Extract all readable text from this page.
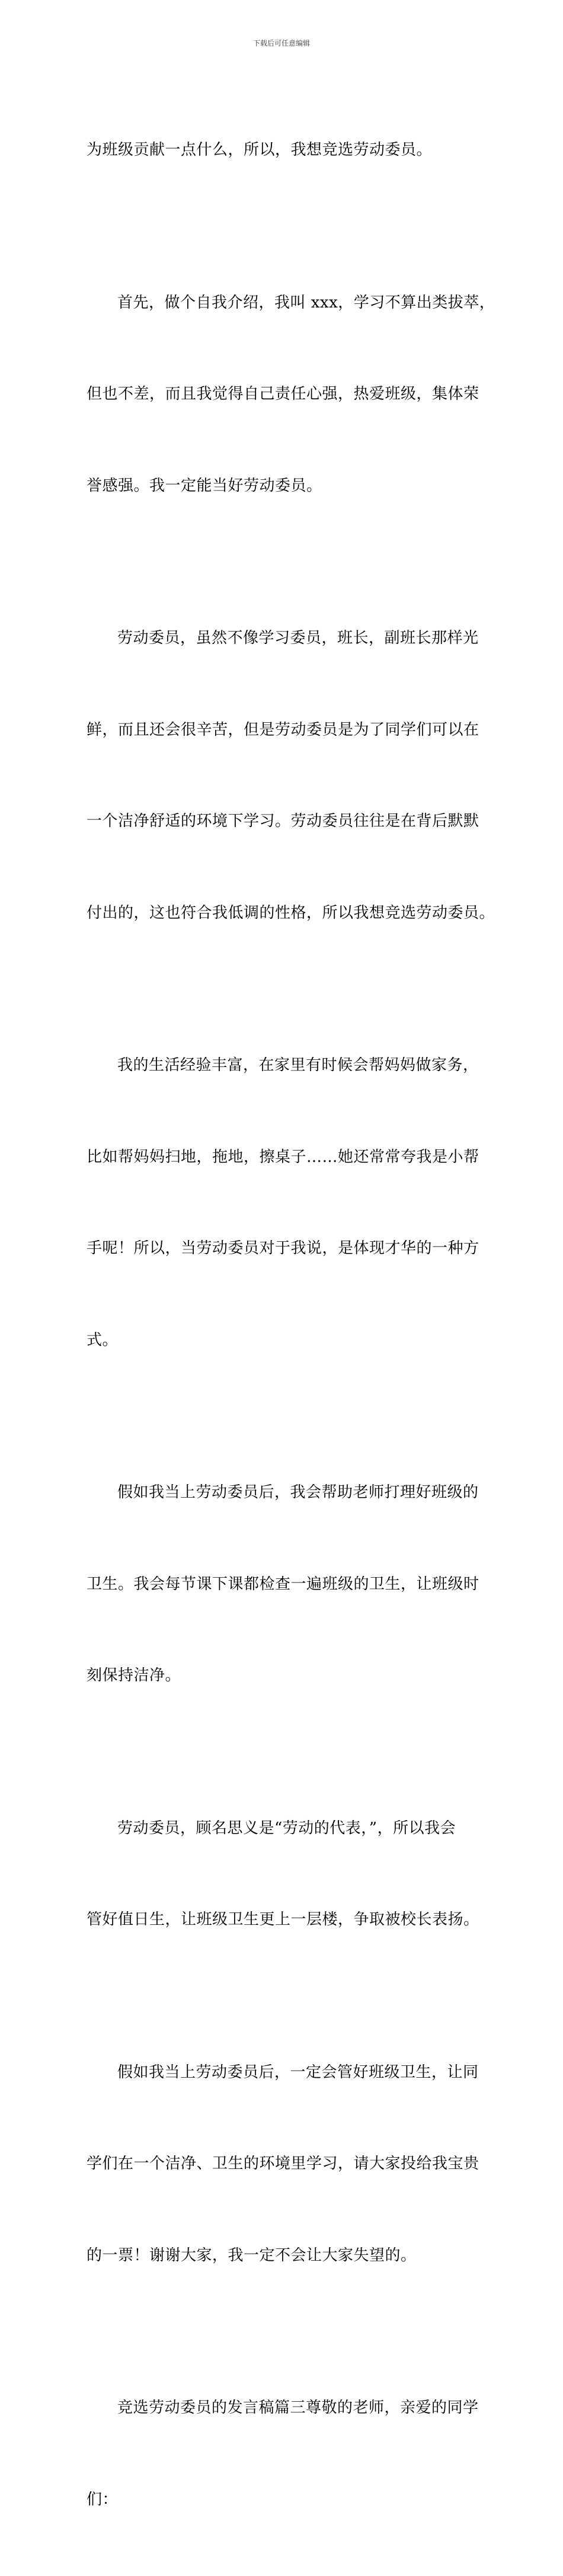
下载后可任意编辑

为班级贡献一点什么，所以，我想竞选劳动委员。

首先，做个自我介绍，我叫 xxx，学习不算出类拔萃，

但也不差，而且我觉得自己责任心强，热爱班级，集体荣

誉感强。我一定能当好劳动委员。

劳动委员，虽然不像学习委员，班长，副班长那样光

鲜，而且还会很辛苦，但是劳动委员是为了同学们可以在

一个洁净舒适的环境下学习。劳动委员往往是在背后默默

付出的，这也符合我低调的性格，所以我想竞选劳动委员。

我的生活经验丰富，在家里有时候会帮妈妈做家务，

比如帮妈妈扫地，拖地，擦桌子……她还常常夸我是小帮

手呢！所以，当劳动委员对于我说，是体现才华的一种方

式。

假如我当上劳动委员后，我会帮助老师打理好班级的

卫生。我会每节课下课都检查一遍班级的卫生，让班级时

刻保持洁净。

劳动委员，顾名思义是“劳动的代表，”，所以我会

管好值日生，让班级卫生更上一层楼，争取被校长表扬。

假如我当上劳动委员后，一定会管好班级卫生，让同

学们在一个洁净、卫生的环境里学习，请大家投给我宝贵

的一票！谢谢大家，我一定不会让大家失望的。

竞选劳动委员的发言稿篇三尊敬的老师，亲爱的同学

们：
